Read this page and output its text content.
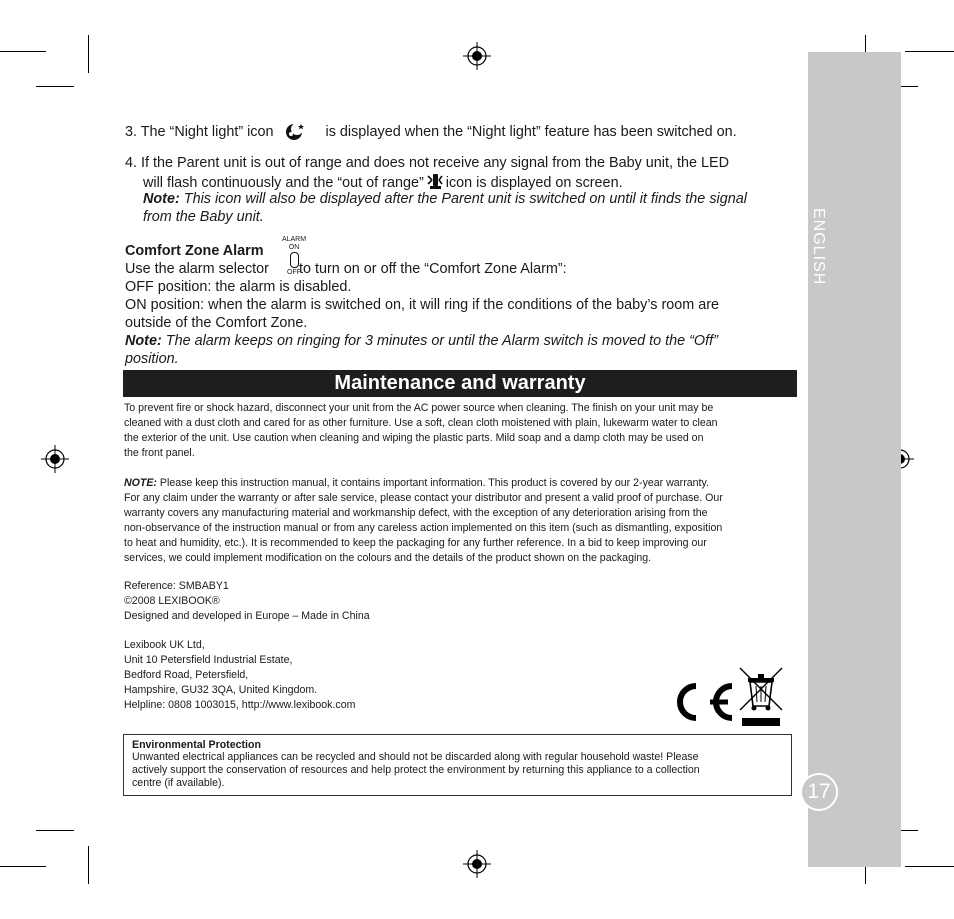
ENGLISH
17
3. The “Night light” icon	is displayed when the “Night light” feature has been switched on.
4. If the Parent unit is out of range and does not receive any signal from the Baby unit, the LED
will flash continuously and the “out of range” icon is displayed on screen.
Note: This icon will also be displayed after the Parent unit is switched on until it finds the signal
from the Baby unit.
Comfort Zone Alarm
ALARM ON
OFF
Use the alarm selector to turn on or off the “Comfort Zone Alarm”:
OFF position: the alarm is disabled.
ON position: when the alarm is switched on, it will ring if the conditions of the baby’s room are
outside of the Comfort Zone.
Note: The alarm keeps on ringing for 3 minutes or until the Alarm switch is moved to the “Off”
position.
Maintenance and warranty
To prevent fire or shock hazard, disconnect your unit from the AC power source when cleaning. The finish on your unit may be
cleaned with a dust cloth and cared for as other furniture. Use a soft, clean cloth moistened with plain, lukewarm water to clean
the exterior of the unit. Use caution when cleaning and wiping the plastic parts. Mild soap and a damp cloth may be used on
the front panel.
NOTE: Please keep this instruction manual, it contains important information. This product is covered by our 2-year warranty.
For any claim under the warranty or after sale service, please contact your distributor and present a valid proof of purchase. Our
warranty covers any manufacturing material and workmanship defect, with the exception of any deterioration arising from the
non-observance of the instruction manual or from any careless action implemented on this item (such as dismantling, exposition
to heat and humidity, etc.). It is recommended to keep the packaging for any further reference. In a bid to keep improving our
services, we could implement modification on the colours and the details of the product shown on the packaging.
Reference: SMBABY1
©2008 LEXIBOOK®
Designed and developed in Europe – Made in China
Lexibook UK Ltd,
Unit 10 Petersfield Industrial Estate,
Bedford Road, Petersfield,
Hampshire, GU32 3QA, United Kingdom.
Helpline: 0808 1003015, http://www.lexibook.com
Environmental Protection
Unwanted electrical appliances can be recycled and should not be discarded along with regular household waste! Please
actively support the conservation of resources and help protect the environment by returning this appliance to a collection
centre (if available).
